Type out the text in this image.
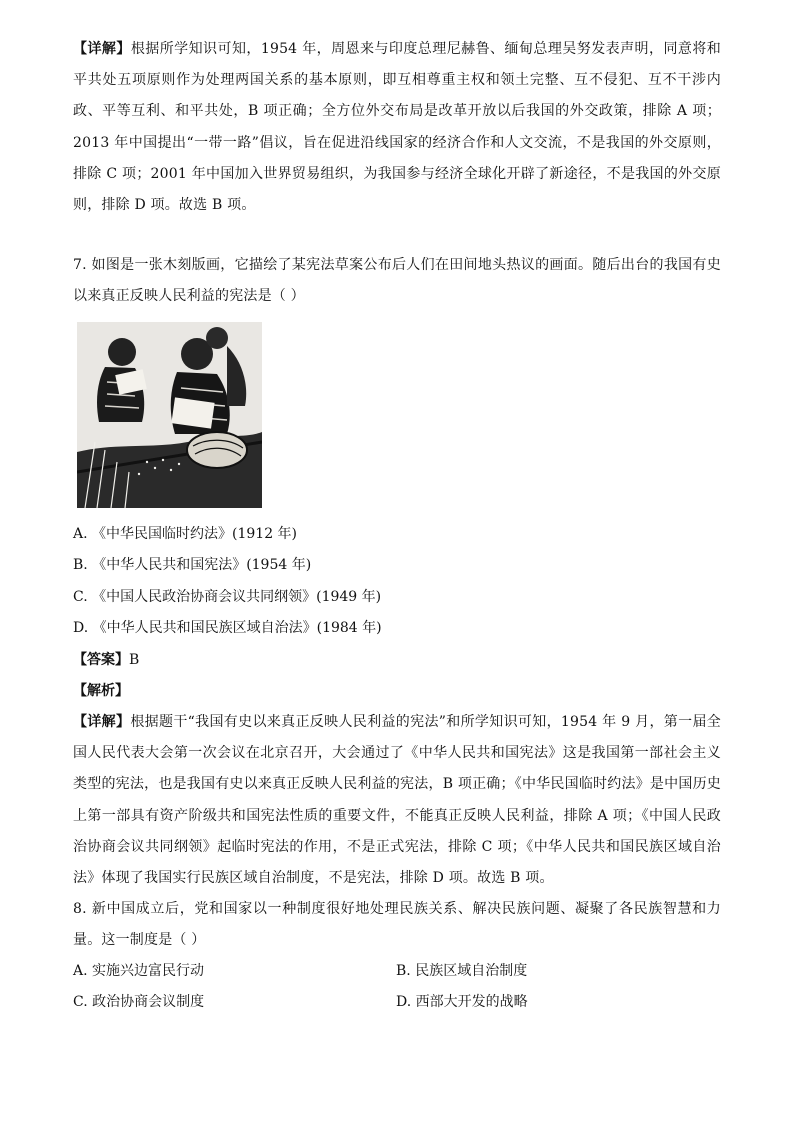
【详解】根据所学知识可知，1954 年，周恩来与印度总理尼赫鲁、缅甸总理吴努发表声明，同意将和平共处五项原则作为处理两国关系的基本原则，即互相尊重主权和领土完整、互不侵犯、互不干涉内政、平等互利、和平共处，B 项正确；全方位外交布局是改革开放以后我国的外交政策，排除 A 项；2013 年中国提出“一带一路”倡议，旨在促进沿线国家的经济合作和人文交流，不是我国的外交原则，排除 C 项；2001 年中国加入世界贸易组织，为我国参与经济全球化开辟了新途径，不是我国的外交原则，排除 D 项。故选 B 项。

7. 如图是一张木刻版画，它描绘了某宪法草案公布后人们在田间地头热议的画面。随后出台的我国有史以来真正反映人民利益的宪法是（ ）

A. 《中华民国临时约法》(1912 年)
B. 《中华人民共和国宪法》(1954 年)
C. 《中国人民政治协商会议共同纲领》(1949 年)
D. 《中华人民共和国民族区域自治法》(1984 年)
【答案】B
【解析】

【详解】根据题干“我国有史以来真正反映人民利益的宪法”和所学知识可知，1954 年 9 月，第一届全国人民代表大会第一次会议在北京召开，大会通过了《中华人民共和国宪法》这是我国第一部社会主义类型的宪法，也是我国有史以来真正反映人民利益的宪法，B 项正确；《中华民国临时约法》是中国历史上第一部具有资产阶级共和国宪法性质的重要文件，不能真正反映人民利益，排除 A 项；《中国人民政治协商会议共同纲领》起临时宪法的作用，不是正式宪法，排除 C 项；《中华人民共和国民族区域自治法》体现了我国实行民族区域自治制度，不是宪法，排除 D 项。故选 B 项。

8. 新中国成立后，党和国家以一种制度很好地处理民族关系、解决民族问题、凝聚了各民族智慧和力量。这一制度是（ ）

A. 实施兴边富民行动	B. 民族区域自治制度
C. 政治协商会议制度	D. 西部大开发的战略
